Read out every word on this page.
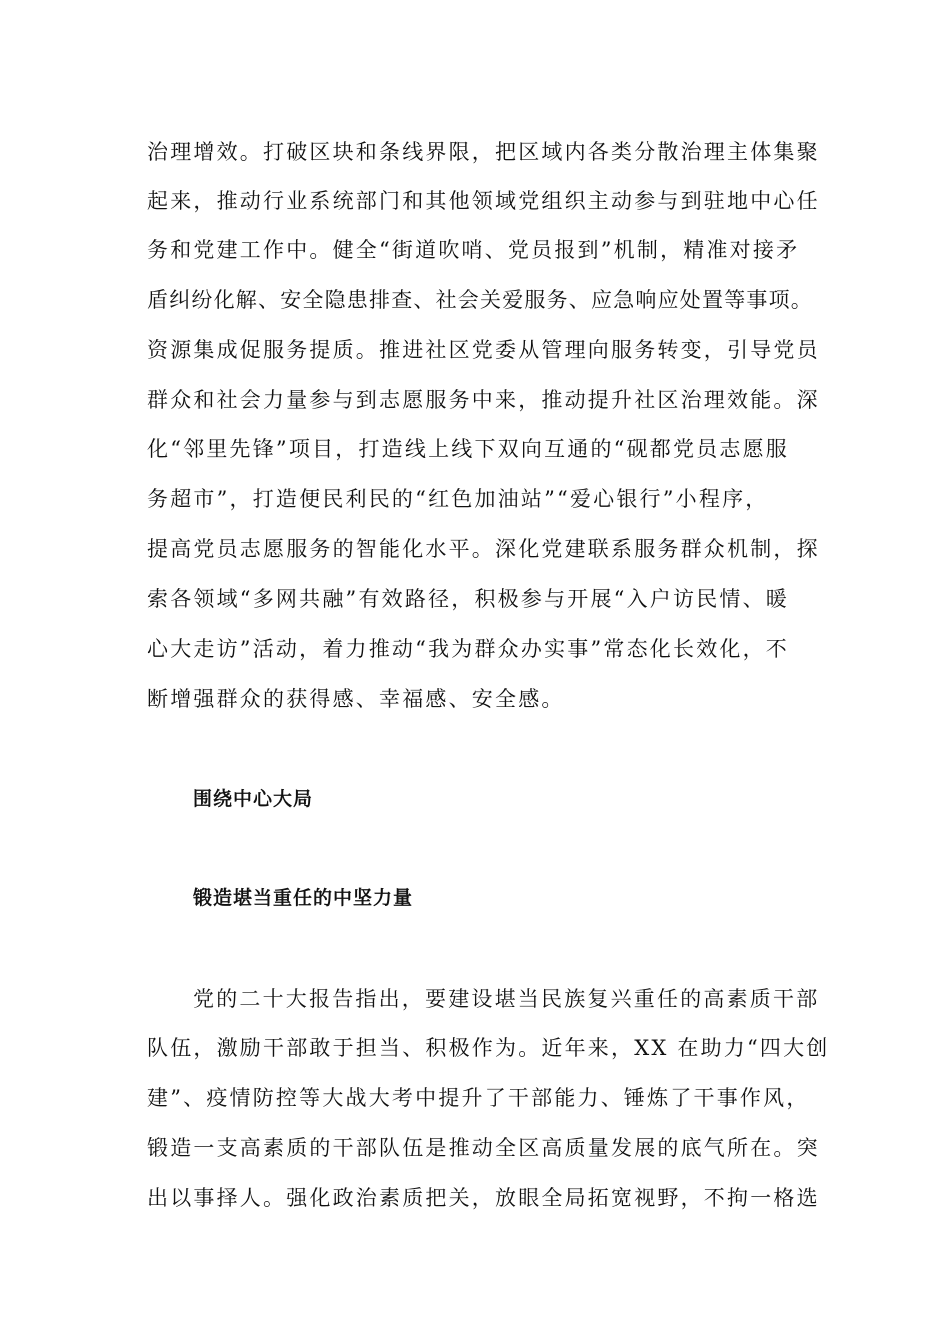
治理增效。打破区块和条线界限，把区域内各类分散治理主体集聚
起来，推动行业系统部门和其他领域党组织主动参与到驻地中心任
务和党建工作中。健全“街道吹哨、党员报到”机制，精准对接矛
盾纠纷化解、安全隐患排查、社会关爱服务、应急响应处置等事项。
资源集成促服务提质。推进社区党委从管理向服务转变，引导党员
群众和社会力量参与到志愿服务中来，推动提升社区治理效能。深
化“邻里先锋”项目，打造线上线下双向互通的“砚都党员志愿服
务超市”，打造便民利民的“红色加油站”“爱心银行”小程序，
提高党员志愿服务的智能化水平。深化党建联系服务群众机制，探
索各领域“多网共融”有效路径，积极参与开展“入户访民情、暖
心大走访”活动，着力推动“我为群众办实事”常态化长效化，不
断增强群众的获得感、幸福感、安全感。
围绕中心大局
锻造堪当重任的中坚力量
党的二十大报告指出，要建设堪当民族复兴重任的高素质干部
队伍，激励干部敢于担当、积极作为。近年来，XX 在助力“四大创
建”、疫情防控等大战大考中提升了干部能力、锤炼了干事作风，
锻造一支高素质的干部队伍是推动全区高质量发展的底气所在。突
出以事择人。强化政治素质把关，放眼全局拓宽视野，不拘一格选
